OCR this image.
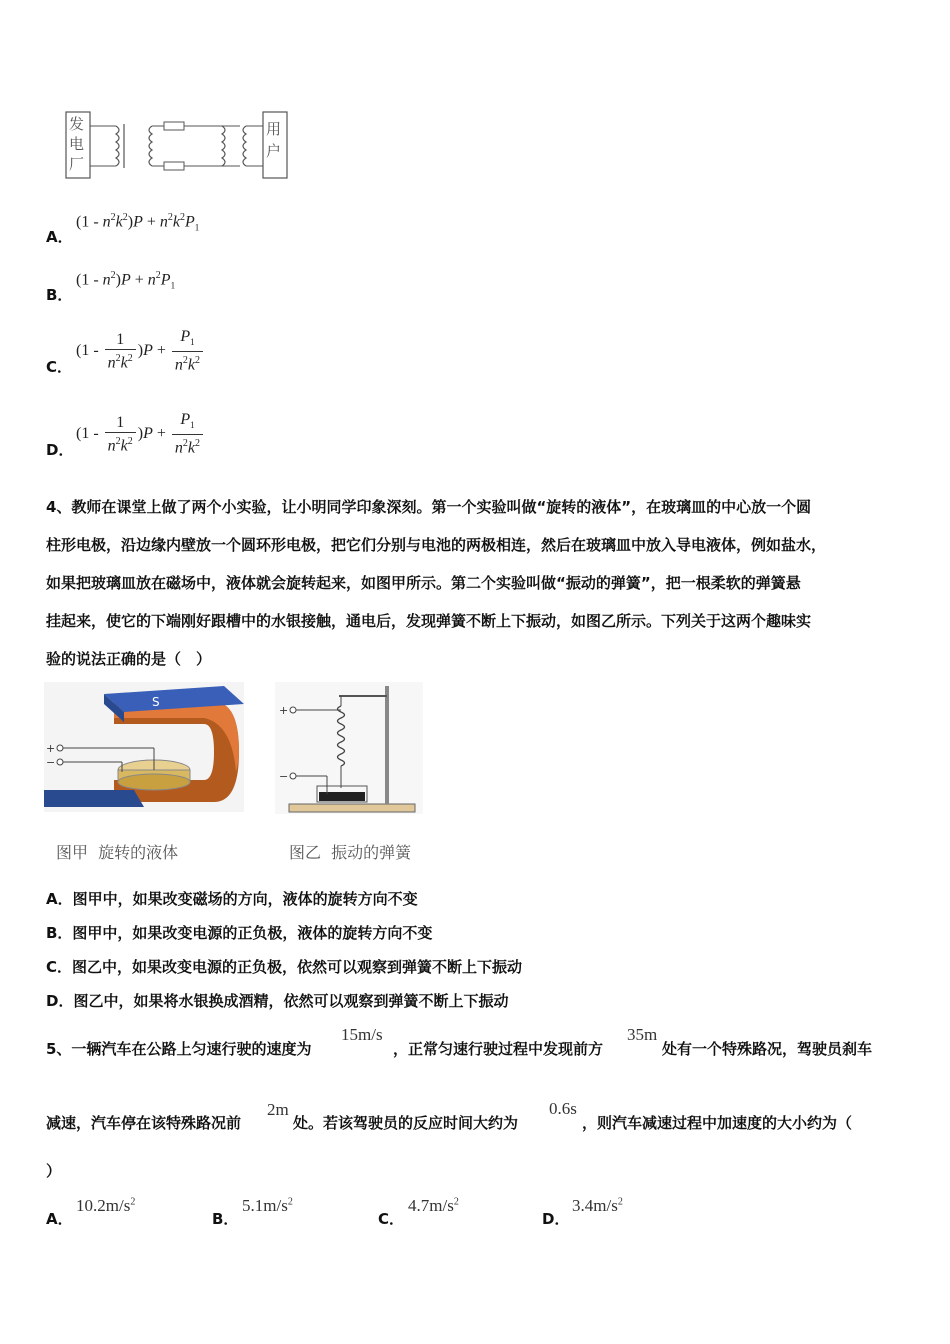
发
电
厂
用
户
A．
$(1 - n^2k^2)P + n^2k^2P_1$
B．
$(1 - n^2)P + n^2P_1$
C．
$(1 - \frac{1}{n^2k^2} )P + \frac{P_1}{n^2k^2}$
D．
$(1 - \frac{1}{n^2k^2} )P + \frac{P_1}{n^2k^2}$
4、教师在课堂上做了两个小实验，让小明同学印象深刻。第一个实验叫做“旋转的液体”，在玻璃皿的中心放一个圆
柱形电极，沿边缘内壁放一个圆环形电极，把它们分别与电池的两极相连，然后在玻璃皿中放入导电液体，例如盐水，
如果把玻璃皿放在磁场中，液体就会旋转起来，如图甲所示。第二个实验叫做“振动的弹簧”，把一根柔软的弹簧悬
挂起来，使它的下端刚好跟槽中的水银接触，通电后，发现弹簧不断上下振动，如图乙所示。下列关于这两个趣味实
验的说法正确的是（　）
S
+
−
图甲  旋转的液体
+
−
图乙  振动的弹簧
A．图甲中，如果改变磁场的方向，液体的旋转方向不变
B．图甲中，如果改变电源的正负极，液体的旋转方向不变
C．图乙中，如果改变电源的正负极，依然可以观察到弹簧不断上下振动
D．图乙中，如果将水银换成酒精，依然可以观察到弹簧不断上下振动
5、一辆汽车在公路上匀速行驶的速度为
15m/s
，正常匀速行驶过程中发现前方
35m
处有一个特殊路况，驾驶员刹车
减速，汽车停在该特殊路况前
2m
处。若该驾驶员的反应时间大约为
0.6s
，则汽车减速过程中加速度的大小约为（
）
A．
$10.2m/s^2$
B．
$5.1m/s^2$
C．
$4.7m/s^2$
D．
$3.4m/s^2$
